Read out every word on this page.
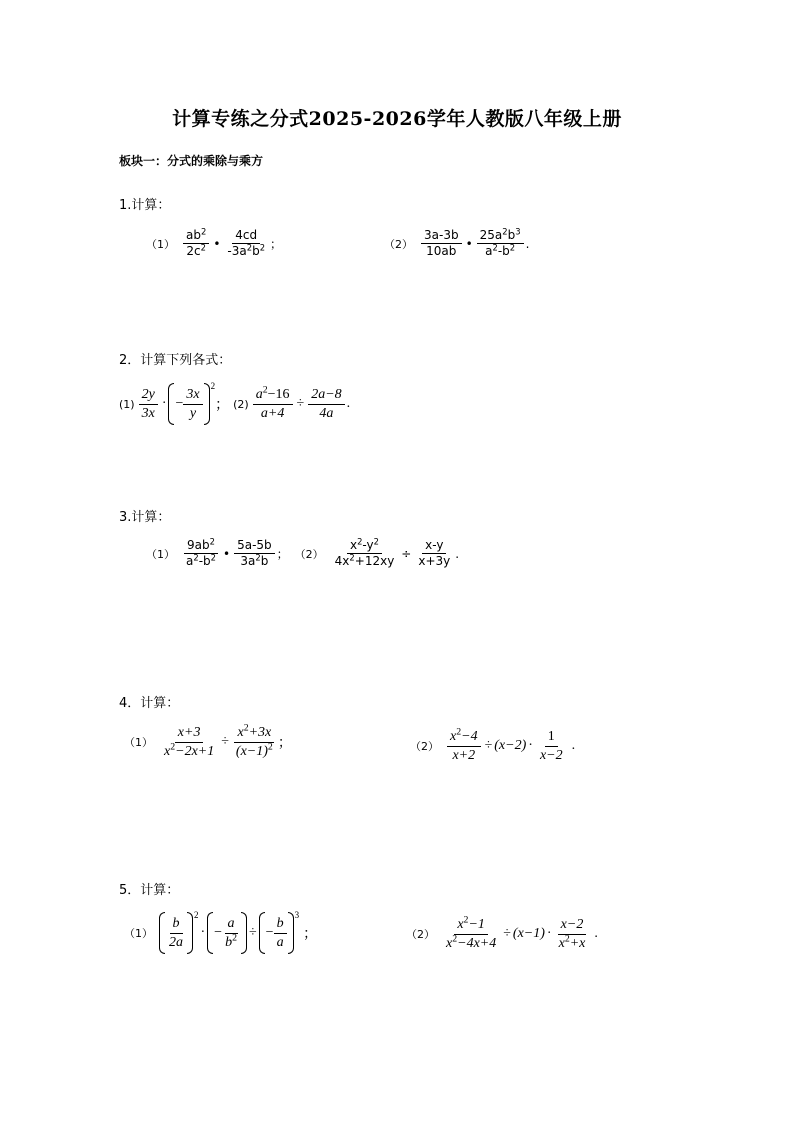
计算专练之分式2025-2026学年人教版八年级上册
板块一：分式的乘除与乘方
1.计算：
$(1) \frac{ab^2}{2c^2}$ • $\frac{4cd}{-3a^2b^2}$ ；	$(2) \frac{3a-3b}{10ab}$ • $\frac{25a^2b^3}{a^2-b^2}$ .
2．计算下列各式：
$(1) \frac{2y}{3x}$ · − $\frac{3x}{y} 2$
； $(2) \frac{a^2-16}{a+4} \div \frac{2a-8}{4a}$ .
3.计算：
$(1) \frac{9ab^2}{a^2-b^2}$ • $\frac{5a-5b}{3a^2b}$ ； $(2) \frac{x^2-y^2}{4x^2+12xy} \div \frac{x-y}{x+3y}$ .
4．计算：
$(1) \frac{x+3}{x^2-2x+1} \div \frac{x^2+3x}{(x-1)^2}$ ；	$(2) \frac{x^2-4}{x+2} \div (x-2) \cdot \frac{1}{x-2}$ .
5．计算：
$(1) \frac{b}{2a} 2$
· − $\frac{a}{b^2}$ ÷ − $\frac{b}{a} 3$
；	$(2) \frac{x^2-1}{x^2-4x+4} \div (x-1) \cdot \frac{x-2}{x^2+x}$ .
